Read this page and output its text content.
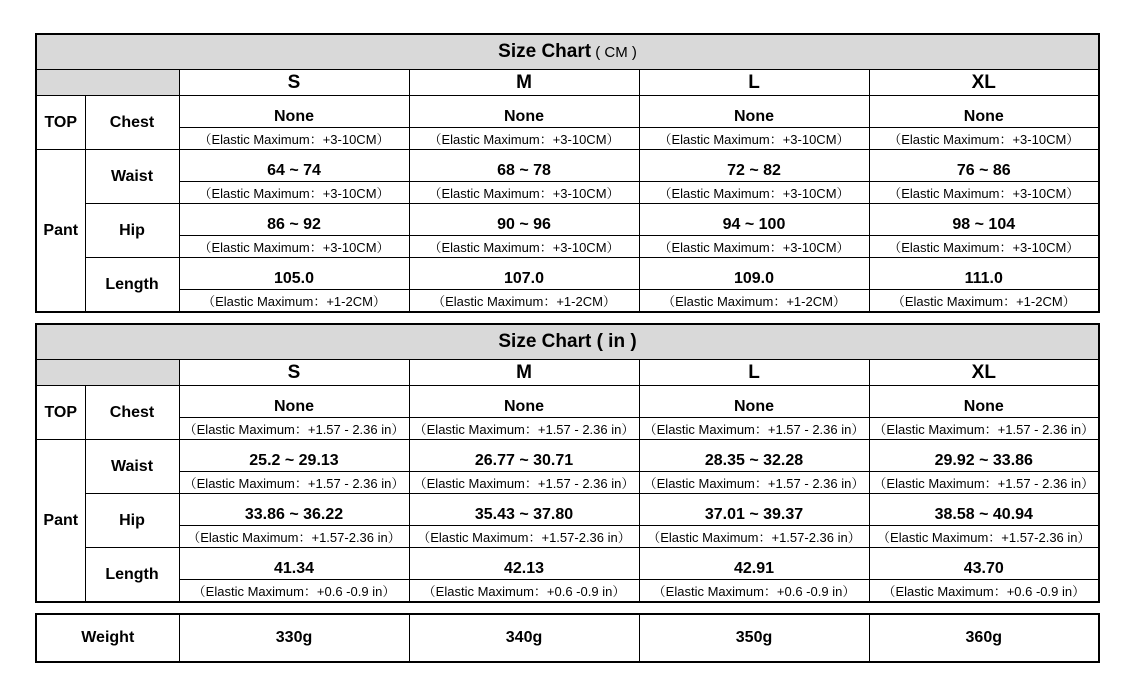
Size Chart ( CM )					
		S	M	L	XL
TOP	Chest	None	None	None	None
		（Elastic Maximum：+3-10CM）	（Elastic Maximum：+3-10CM）	（Elastic Maximum：+3-10CM）	（Elastic Maximum：+3-10CM）
Pant	Waist	64 ~ 74	68 ~ 78	72 ~ 82	76 ~ 86
		（Elastic Maximum：+3-10CM）	（Elastic Maximum：+3-10CM）	（Elastic Maximum：+3-10CM）	（Elastic Maximum：+3-10CM）
	Hip	86 ~ 92	90 ~ 96	94 ~ 100	98 ~ 104
		（Elastic Maximum：+3-10CM）	（Elastic Maximum：+3-10CM）	（Elastic Maximum：+3-10CM）	（Elastic Maximum：+3-10CM）
	Length	105.0	107.0	109.0	111.0
		（Elastic Maximum：+1-2CM）	（Elastic Maximum：+1-2CM）	（Elastic Maximum：+1-2CM）	（Elastic Maximum：+1-2CM）
Size Chart ( in )					
		S	M	L	XL
TOP	Chest	None	None	None	None
		（Elastic Maximum：+1.57 - 2.36 in）	（Elastic Maximum：+1.57 - 2.36 in）	（Elastic Maximum：+1.57 - 2.36 in）	（Elastic Maximum：+1.57 - 2.36 in）
Pant	Waist	25.2 ~ 29.13	26.77 ~ 30.71	28.35 ~ 32.28	29.92 ~ 33.86
		（Elastic Maximum：+1.57 - 2.36 in）	（Elastic Maximum：+1.57 - 2.36 in）	（Elastic Maximum：+1.57 - 2.36 in）	（Elastic Maximum：+1.57 - 2.36 in）
	Hip	33.86 ~ 36.22	35.43 ~ 37.80	37.01 ~ 39.37	38.58 ~ 40.94
		（Elastic Maximum：+1.57-2.36 in）	（Elastic Maximum：+1.57-2.36 in）	（Elastic Maximum：+1.57-2.36 in）	（Elastic Maximum：+1.57-2.36 in）
	Length	41.34	42.13	42.91	43.70
		（Elastic Maximum：+0.6 -0.9 in）	（Elastic Maximum：+0.6 -0.9 in）	（Elastic Maximum：+0.6 -0.9 in）	（Elastic Maximum：+0.6 -0.9 in）
Weight	330g	340g	350g	360g
